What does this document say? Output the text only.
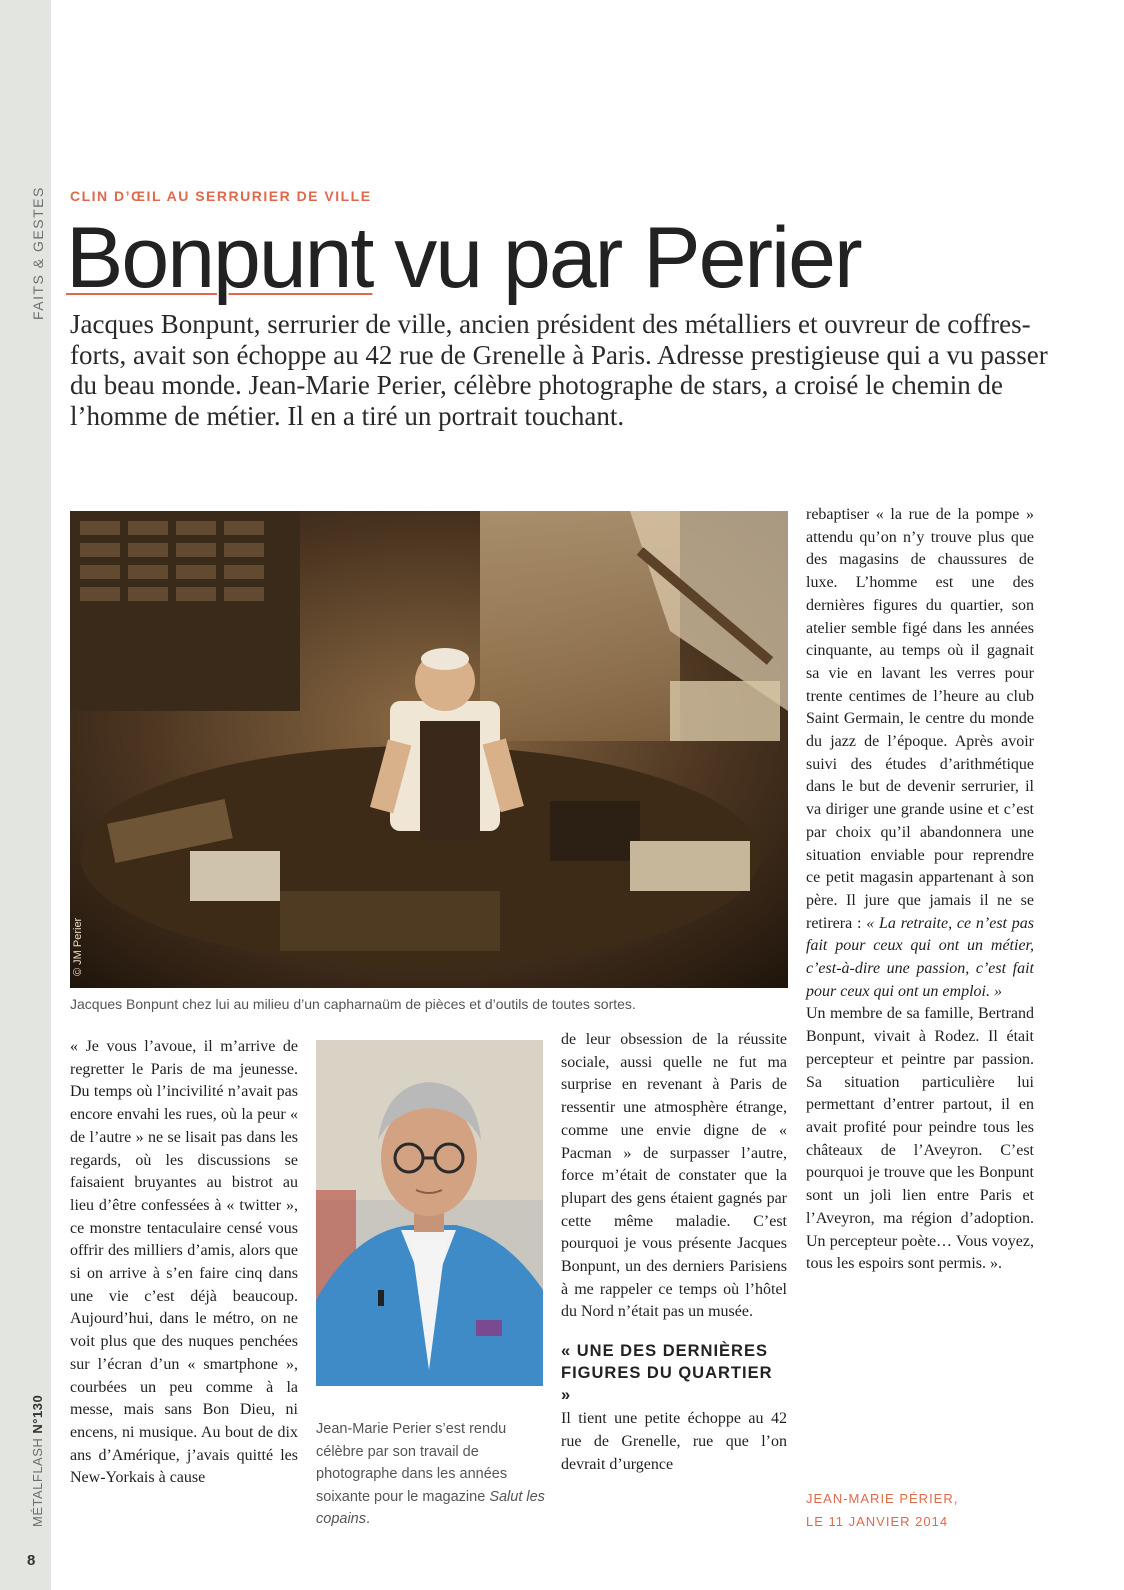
FAITS & GESTES
MÉTALFLASH N°130
8
CLIN D’ŒIL AU SERRURIER DE VILLE
Bonpunt vu par Perier

Jacques Bonpunt, serrurier de ville, ancien président des métalliers et ouvreur de coffres-forts, avait son échoppe au 42 rue de Grenelle à Paris. Adresse prestigieuse qui a vu passer du beau monde. Jean-Marie Perier, célèbre photographe de stars, a croisé le chemin de l’homme de métier. Il en a tiré un portrait touchant.

© JM Perier
Jacques Bonpunt chez lui au milieu d’un capharnaüm de pièces et d’outils de toutes sortes.

« Je vous l’avoue, il m’arrive de regretter le Paris de ma jeunesse. Du temps où l’incivilité n’avait pas encore envahi les rues, où la peur « de l’autre » ne se lisait pas dans les regards, où les discussions se faisaient bruyantes au bistrot au lieu d’être confessées à « twitter », ce monstre tentaculaire censé vous offrir des milliers d’amis, alors que si on arrive à s’en faire cinq dans une vie c’est déjà beaucoup. Aujourd’hui, dans le métro, on ne voit plus que des nuques penchées sur l’écran d’un « smartphone », courbées un peu comme à la messe, mais sans Bon Dieu, ni encens, ni musique. Au bout de dix ans d’Amérique, j’avais quitté les New-Yorkais à cause

Jean-Marie Perier s’est rendu célèbre par son travail de photographe dans les années soixante pour le magazine Salut les copains.

de leur obsession de la réussite sociale, aussi quelle ne fut ma surprise en revenant à Paris de ressentir une atmosphère étrange, comme une envie digne de « Pacman » de surpasser l’autre, force m’était de constater que la plupart des gens étaient gagnés par cette même maladie. C’est pourquoi je vous présente Jacques Bonpunt, un des derniers Parisiens à me rappeler ce temps où l’hôtel du Nord n’était pas un musée.

« UNE DES DERNIÈRES FIGURES DU QUARTIER »

Il tient une petite échoppe au 42 rue de Grenelle, rue que l’on devrait d’urgence

rebaptiser « la rue de la pompe » attendu qu’on n’y trouve plus que des magasins de chaussures de luxe. L’homme est une des dernières figures du quartier, son atelier semble figé dans les années cinquante, au temps où il gagnait sa vie en lavant les verres pour trente centimes de l’heure au club Saint Germain, le centre du monde du jazz de l’époque. Après avoir suivi des études d’arithmétique dans le but de devenir serrurier, il va diriger une grande usine et c’est par choix qu’il abandonnera une situation enviable pour reprendre ce petit magasin appartenant à son père. Il jure que jamais il ne se retirera : « La retraite, ce n’est pas fait pour ceux qui ont un métier, c’est-à-dire une passion, c’est fait pour ceux qui ont un emploi. »

Un membre de sa famille, Bertrand Bonpunt, vivait à Rodez. Il était percepteur et peintre par passion. Sa situation particulière lui permettant d’entrer partout, il en avait profité pour peindre tous les châteaux de l’Aveyron. C’est pourquoi je trouve que les Bonpunt sont un joli lien entre Paris et l’Aveyron, ma région d’adoption. Un percepteur poète… Vous voyez, tous les espoirs sont permis. ».

JEAN-MARIE PÉRIER,
LE 11 JANVIER 2014
